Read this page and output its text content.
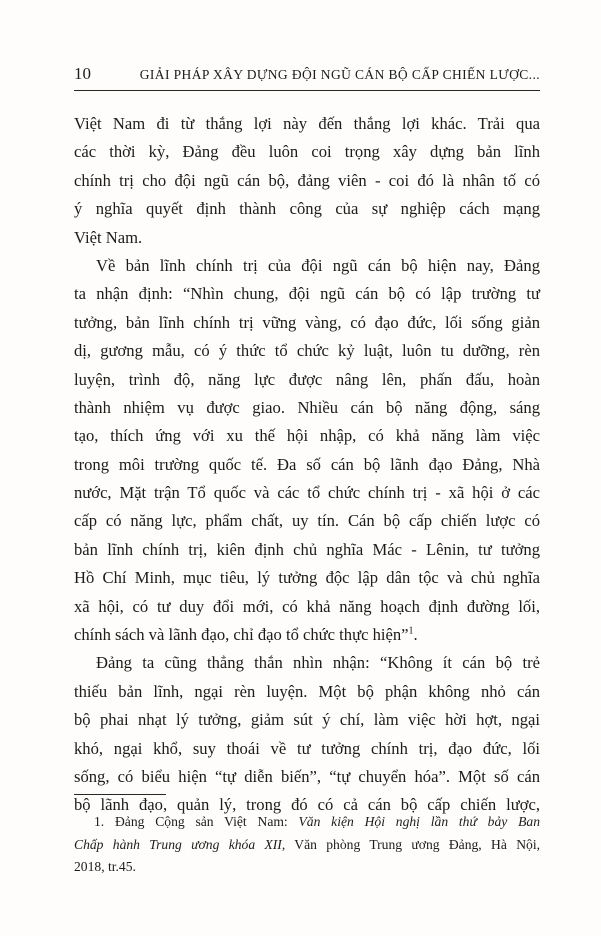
10	GIẢI PHÁP XÂY DỰNG ĐỘI NGŨ CÁN BỘ CẤP CHIẾN LƯỢC...
Việt Nam đi từ thắng lợi này đến thắng lợi khác. Trải qua
các thời kỳ, Đảng đều luôn coi trọng xây dựng bản lĩnh
chính trị cho đội ngũ cán bộ, đảng viên - coi đó là nhân tố có
ý nghĩa quyết định thành công của sự nghiệp cách mạng
Việt Nam.
Về bản lĩnh chính trị của đội ngũ cán bộ hiện nay, Đảng
ta nhận định: “Nhìn chung, đội ngũ cán bộ có lập trường tư
tưởng, bản lĩnh chính trị vững vàng, có đạo đức, lối sống giản
dị, gương mẫu, có ý thức tổ chức kỷ luật, luôn tu dưỡng, rèn
luyện, trình độ, năng lực được nâng lên, phấn đấu, hoàn
thành nhiệm vụ được giao. Nhiều cán bộ năng động, sáng
tạo, thích ứng với xu thế hội nhập, có khả năng làm việc
trong môi trường quốc tế. Đa số cán bộ lãnh đạo Đảng, Nhà
nước, Mặt trận Tổ quốc và các tổ chức chính trị - xã hội ở các
cấp có năng lực, phẩm chất, uy tín. Cán bộ cấp chiến lược có
bản lĩnh chính trị, kiên định chủ nghĩa Mác - Lênin, tư tưởng
Hồ Chí Minh, mục tiêu, lý tưởng độc lập dân tộc và chủ nghĩa
xã hội, có tư duy đổi mới, có khả năng hoạch định đường lối,
chính sách và lãnh đạo, chỉ đạo tổ chức thực hiện”$^1$.
Đảng ta cũng thẳng thắn nhìn nhận: “Không ít cán bộ trẻ
thiếu bản lĩnh, ngại rèn luyện. Một bộ phận không nhỏ cán
bộ phai nhạt lý tưởng, giảm sút ý chí, làm việc hời hợt, ngại
khó, ngại khổ, suy thoái về tư tưởng chính trị, đạo đức, lối
sống, có biểu hiện “tự diễn biến”, “tự chuyển hóa”. Một số cán
bộ lãnh đạo, quản lý, trong đó có cả cán bộ cấp chiến lược,
1. Đảng Cộng sản Việt Nam: Văn kiện Hội nghị lần thứ bảy Ban
Chấp hành Trung ương khóa XII, Văn phòng Trung ương Đảng, Hà Nội,
2018, tr.45.
